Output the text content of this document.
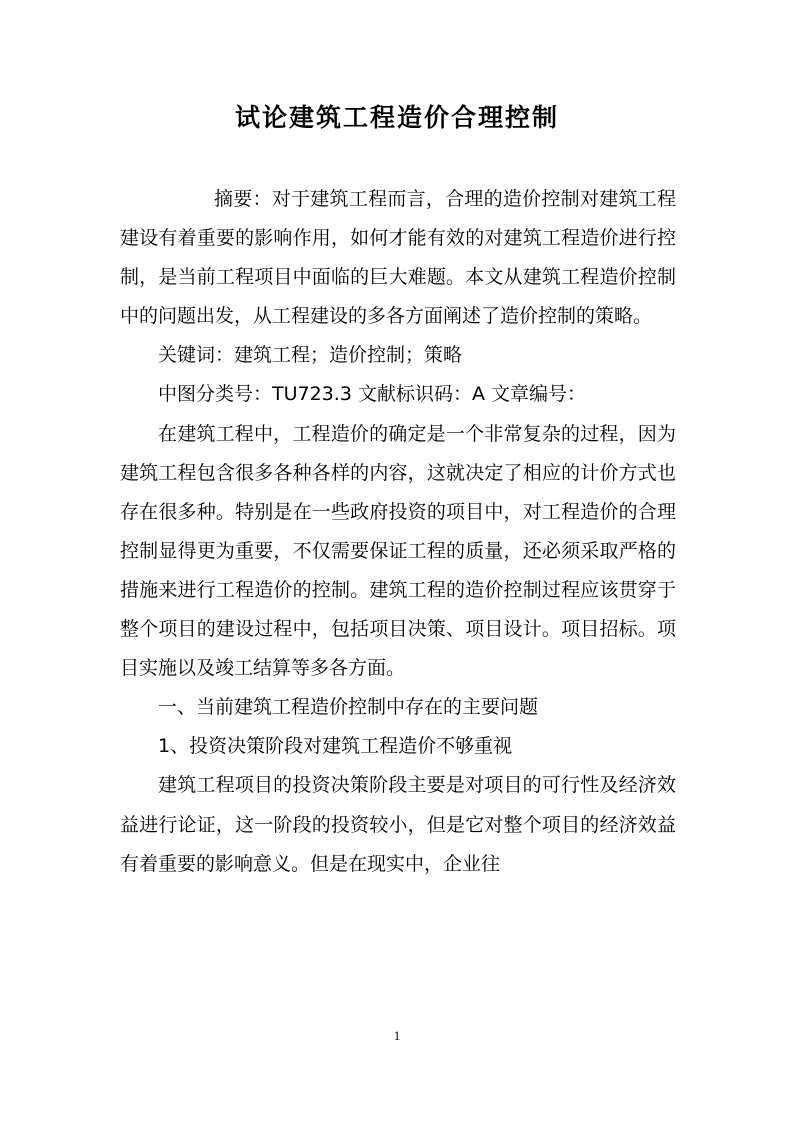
试论建筑工程造价合理控制

摘要：对于建筑工程而言，合理的造价控制对建筑工程建设有着重要的影响作用，如何才能有效的对建筑工程造价进行控制，是当前工程项目中面临的巨大难题。本文从建筑工程造价控制中的问题出发，从工程建设的多各方面阐述了造价控制的策略。

关键词：建筑工程；造价控制；策略

中图分类号：TU723.3 文献标识码：A 文章编号：

在建筑工程中，工程造价的确定是一个非常复杂的过程，因为建筑工程包含很多各种各样的内容，这就决定了相应的计价方式也存在很多种。特别是在一些政府投资的项目中，对工程造价的合理控制显得更为重要，不仅需要保证工程的质量，还必须采取严格的措施来进行工程造价的控制。建筑工程的造价控制过程应该贯穿于整个项目的建设过程中，包括项目决策、项目设计。项目招标。项目实施以及竣工结算等多各方面。

一、当前建筑工程造价控制中存在的主要问题

1、投资决策阶段对建筑工程造价不够重视

建筑工程项目的投资决策阶段主要是对项目的可行性及经济效益进行论证，这一阶段的投资较小，但是它对整个项目的经济效益有着重要的影响意义。但是在现实中，企业往

1
